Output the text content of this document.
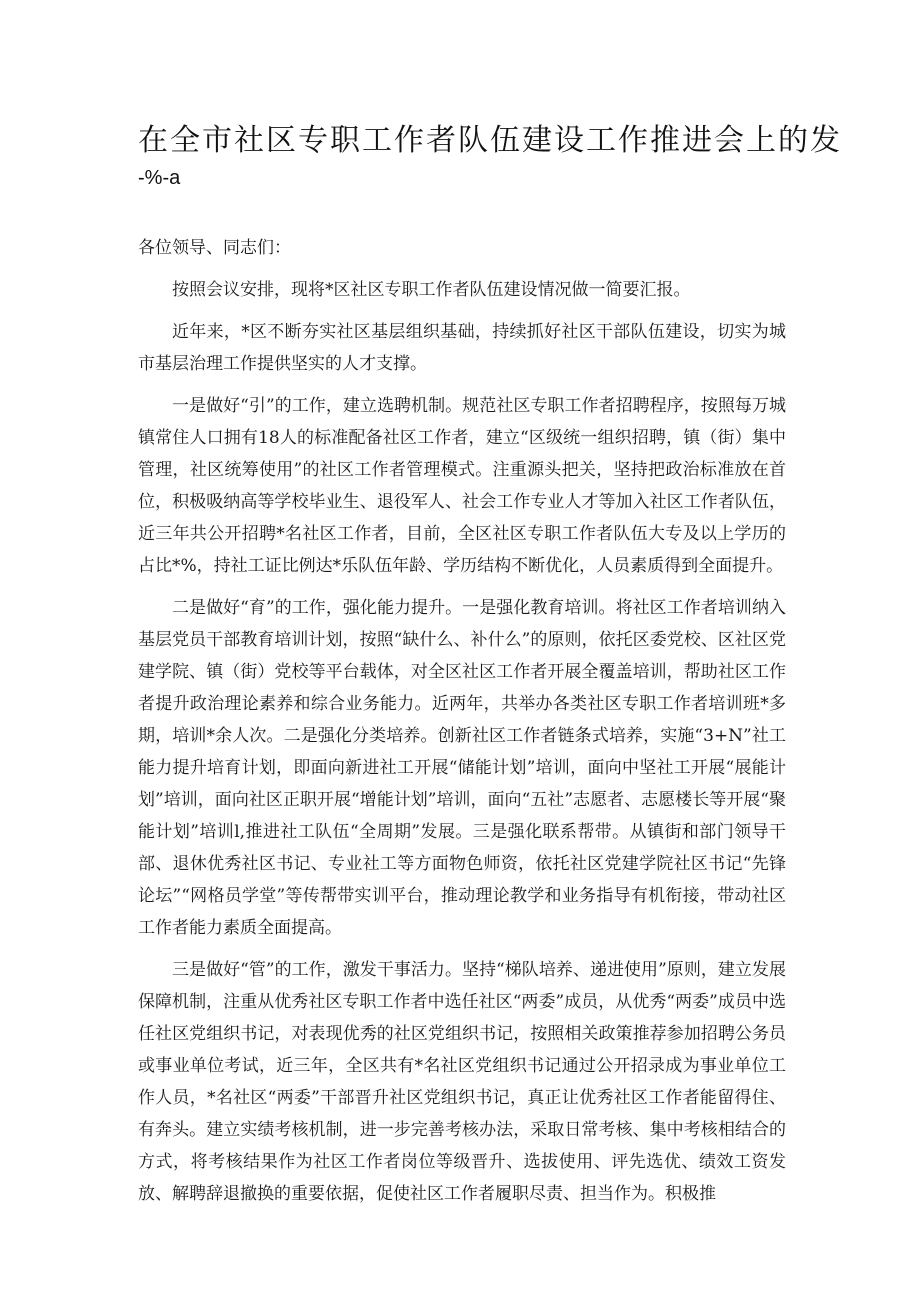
在全市社区专职工作者队伍建设工作推进会上的发
-%-a

各位领导、同志们：

按照会议安排，现将*区社区专职工作者队伍建设情况做一简要汇报。

近年来，*区不断夯实社区基层组织基础，持续抓好社区干部队伍建设，切实为城市基层治理工作提供坚实的人才支撑。

一是做好“引”的工作，建立选聘机制。规范社区专职工作者招聘程序，按照每万城镇常住人口拥有18人的标准配备社区工作者，建立“区级统一组织招聘，镇（街）集中管理，社区统筹使用”的社区工作者管理模式。注重源头把关，坚持把政治标准放在首位，积极吸纳高等学校毕业生、退役军人、社会工作专业人才等加入社区工作者队伍，近三年共公开招聘*名社区工作者，目前，全区社区专职工作者队伍大专及以上学历的占比*%，持社工证比例达*乐队伍年龄、学历结构不断优化，人员素质得到全面提升。

二是做好“育”的工作，强化能力提升。一是强化教育培训。将社区工作者培训纳入基层党员干部教育培训计划，按照“缺什么、补什么”的原则，依托区委党校、区社区党建学院、镇（街）党校等平台载体，对全区社区工作者开展全覆盖培训，帮助社区工作者提升政治理论素养和综合业务能力。近两年，共举办各类社区专职工作者培训班*多期，培训*余人次。二是强化分类培养。创新社区工作者链条式培养，实施“3+N”社工能力提升培育计划，即面向新进社工开展“储能计划”培训，面向中坚社工开展“展能计划”培训，面向社区正职开展“增能计划”培训，面向“五社”志愿者、志愿楼长等开展“聚能计划”培训l,推进社工队伍“全周期”发展。三是强化联系帮带。从镇街和部门领导干部、退休优秀社区书记、专业社工等方面物色师资，依托社区党建学院社区书记“先锋论坛”“网格员学堂”等传帮带实训平台，推动理论教学和业务指导有机衔接，带动社区工作者能力素质全面提高。

三是做好“管”的工作，激发干事活力。坚持“梯队培养、递进使用”原则，建立发展保障机制，注重从优秀社区专职工作者中选任社区“两委”成员，从优秀“两委”成员中选任社区党组织书记，对表现优秀的社区党组织书记，按照相关政策推荐参加招聘公务员或事业单位考试，近三年，全区共有*名社区党组织书记通过公开招录成为事业单位工作人员，*名社区“两委”干部晋升社区党组织书记，真正让优秀社区工作者能留得住、有奔头。建立实绩考核机制，进一步完善考核办法，采取日常考核、集中考核相结合的方式，将考核结果作为社区工作者岗位等级晋升、选拔使用、评先选优、绩效工资发放、解聘辞退撤换的重要依据，促使社区工作者履职尽责、担当作为。积极推
